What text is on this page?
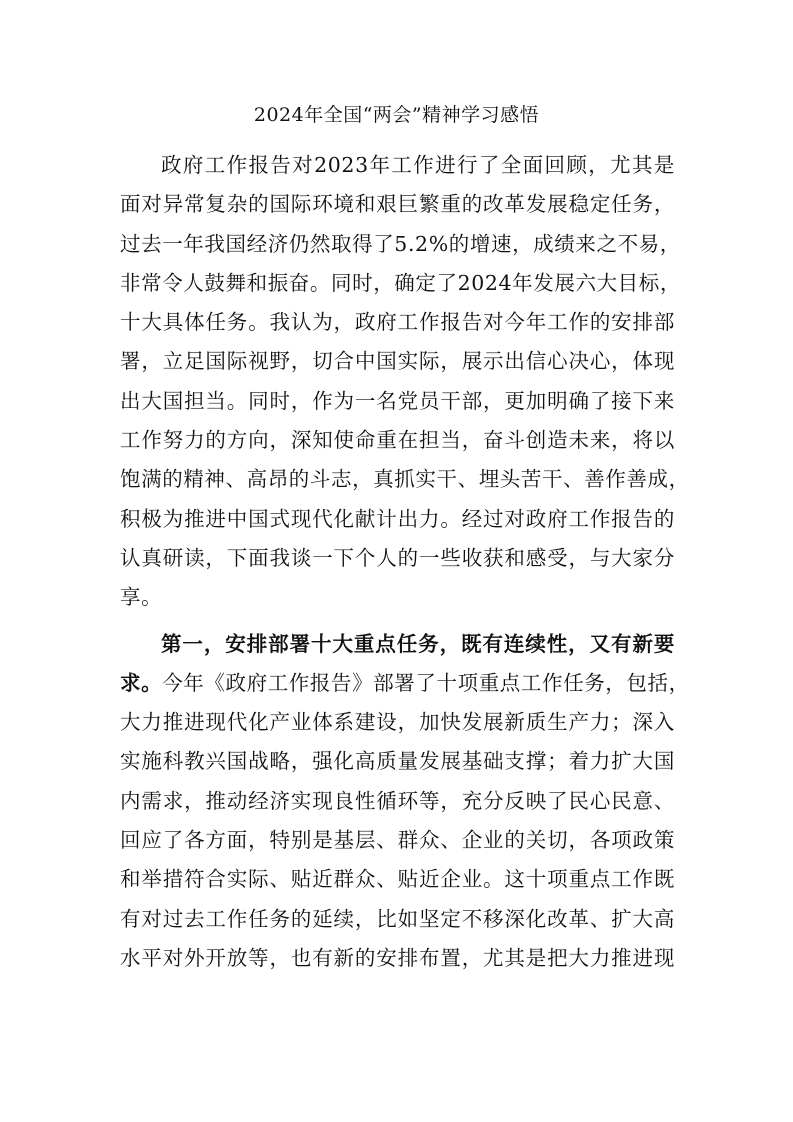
2024年全国“两会”精神学习感悟
政府工作报告对2023年工作进行了全面回顾，尤其是
面对异常复杂的国际环境和艰巨繁重的改革发展稳定任务，
过去一年我国经济仍然取得了5.2%的增速，成绩来之不易，
非常令人鼓舞和振奋。同时，确定了2024年发展六大目标，
十大具体任务。我认为，政府工作报告对今年工作的安排部
署，立足国际视野，切合中国实际，展示出信心决心，体现
出大国担当。同时，作为一名党员干部，更加明确了接下来
工作努力的方向，深知使命重在担当，奋斗创造未来，将以
饱满的精神、高昂的斗志，真抓实干、埋头苦干、善作善成，
积极为推进中国式现代化献计出力。经过对政府工作报告的
认真研读，下面我谈一下个人的一些收获和感受，与大家分
享。
第一，安排部署十大重点任务，既有连续性，又有新要
求。今年《政府工作报告》部署了十项重点工作任务，包括，
大力推进现代化产业体系建设，加快发展新质生产力；深入
实施科教兴国战略，强化高质量发展基础支撑；着力扩大国
内需求，推动经济实现良性循环等，充分反映了民心民意、
回应了各方面，特别是基层、群众、企业的关切，各项政策
和举措符合实际、贴近群众、贴近企业。这十项重点工作既
有对过去工作任务的延续，比如坚定不移深化改革、扩大高
水平对外开放等，也有新的安排布置，尤其是把大力推进现
